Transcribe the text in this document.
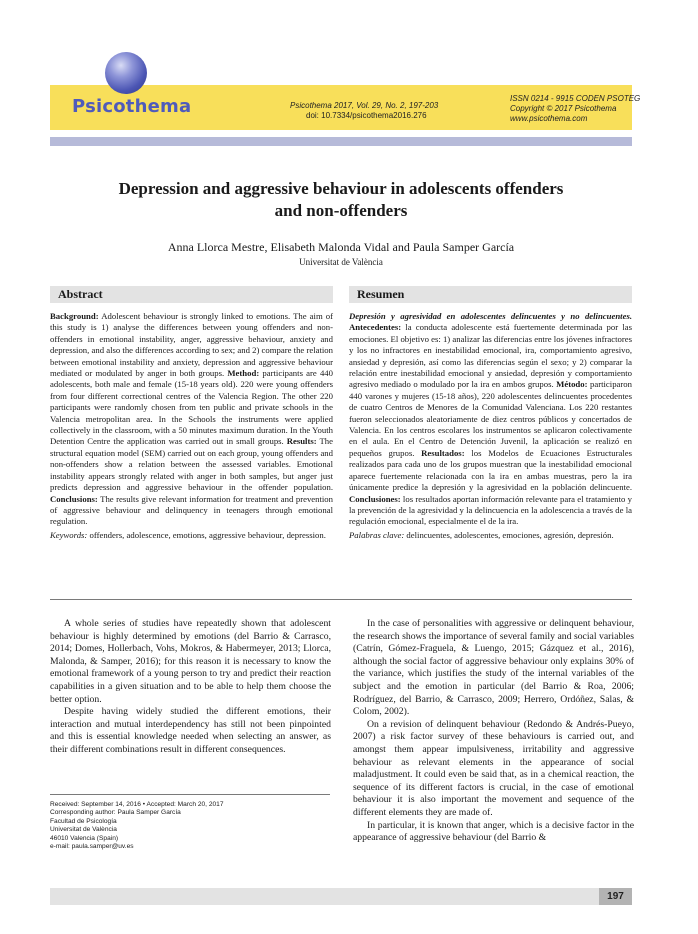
Psicothema	Psicothema 2017, Vol. 29, No. 2, 197-203
doi: 10.7334/psicothema2016.276
ISSN 0214 - 9915 CODEN PSOTEG
Copyright © 2017 Psicothema
www.psicothema.com
Depression and aggressive behaviour in adolescents offenders
and non-offenders
Anna Llorca Mestre, Elisabeth Malonda Vidal and Paula Samper García
Universitat de València
Abstract
Background: Adolescent behaviour is strongly linked to emotions. The aim of this study is 1) analyse the differences between young offenders and non-offenders in emotional instability, anger, aggressive behaviour, anxiety and depression, and also the differences according to sex; and 2) compare the relation between emotional instability and anxiety, depression and aggressive behaviour mediated or modulated by anger in both groups. Method: participants are 440 adolescents, both male and female (15-18 years old). 220 were young offenders from four different correctional centres of the Valencia Region. The other 220 participants were randomly chosen from ten public and private schools in the Valencia metropolitan area. In the Schools the instruments were applied collectively in the classroom, with a 50 minutes maximum duration. In the Youth Detention Centre the application was carried out in small groups. Results: The structural equation model (SEM) carried out on each group, young offenders and non-offenders show a relation between the assessed variables. Emotional instability appears strongly related with anger in both samples, but anger just predicts depression and aggressive behaviour in the offender population. Conclusions: The results give relevant information for treatment and prevention of aggressive behaviour and delinquency in teenagers through emotional regulation.
Keywords: offenders, adolescence, emotions, aggressive behaviour, depression.
Resumen
Depresión y agresividad en adolescentes delincuentes y no delincuentes. Antecedentes: la conducta adolescente está fuertemente determinada por las emociones. El objetivo es: 1) analizar las diferencias entre los jóvenes infractores y los no infractores en inestabilidad emocional, ira, comportamiento agresivo, ansiedad y depresión, así como las diferencias según el sexo; y 2) comparar la relación entre inestabilidad emocional y ansiedad, depresión y comportamiento agresivo mediado o modulado por la ira en ambos grupos. Método: participaron 440 varones y mujeres (15-18 años), 220 adolescentes delincuentes procedentes de cuatro Centros de Menores de la Comunidad Valenciana. Los 220 restantes fueron seleccionados aleatoriamente de diez centros públicos y concertados de Valencia. En los centros escolares los instrumentos se aplicaron colectivamente en el aula. En el Centro de Detención Juvenil, la aplicación se realizó en pequeños grupos. Resultados: los Modelos de Ecuaciones Estructurales realizados para cada uno de los grupos muestran que la inestabilidad emocional aparece fuertemente relacionada con la ira en ambas muestras, pero la ira únicamente predice la depresión y la agresividad en la población delincuente. Conclusiones: los resultados aportan información relevante para el tratamiento y la prevención de la agresividad y la delincuencia en la adolescencia a través de la regulación emocional, especialmente el de la ira.
Palabras clave: delincuentes, adolescentes, emociones, agresión, depresión.

A whole series of studies have repeatedly shown that adolescent behaviour is highly determined by emotions (del Barrio & Carrasco, 2014; Domes, Hollerbach, Vohs, Mokros, & Habermeyer, 2013; Llorca, Malonda, & Samper, 2016); for this reason it is necessary to know the emotional framework of a young person to try and predict their reaction capabilities in a given situation and to be able to help them choose the better option.

Despite having widely studied the different emotions, their interaction and mutual interdependency has still not been pinpointed and this is essential knowledge needed when selecting an answer, as their different combinations result in different consequences.

In the case of personalities with aggressive or delinquent behaviour, the research shows the importance of several family and social variables (Catrín, Gómez-Fraguela, & Luengo, 2015; Gázquez et al., 2016), although the social factor of aggressive behaviour only explains 30% of the variance, which justifies the study of the internal variables of the subject and the emotion in particular (del Barrio & Roa, 2006; Rodríguez, del Barrio, & Carrasco, 2009; Herrero, Ordóñez, Salas, & Colom, 2002).

On a revision of delinquent behaviour (Redondo & Andrés-Pueyo, 2007) a risk factor survey of these behaviours is carried out, and amongst them appear impulsiveness, irritability and aggressive behaviour as relevant elements in the appearance of social maladjustment. It could even be said that, as in a chemical reaction, the sequence of its different factors is crucial, in the case of emotional behaviour it is also important the movement and sequence of the different elements they are made of.

In particular, it is known that anger, which is a decisive factor in the appearance of aggressive behaviour (del Barrio &

Received: September 14, 2016 • Accepted: March 20, 2017
Corresponding author: Paula Samper García
Facultad de Psicología
Universitat de València
46010 Valencia (Spain)
e-mail: paula.samper@uv.es
197
